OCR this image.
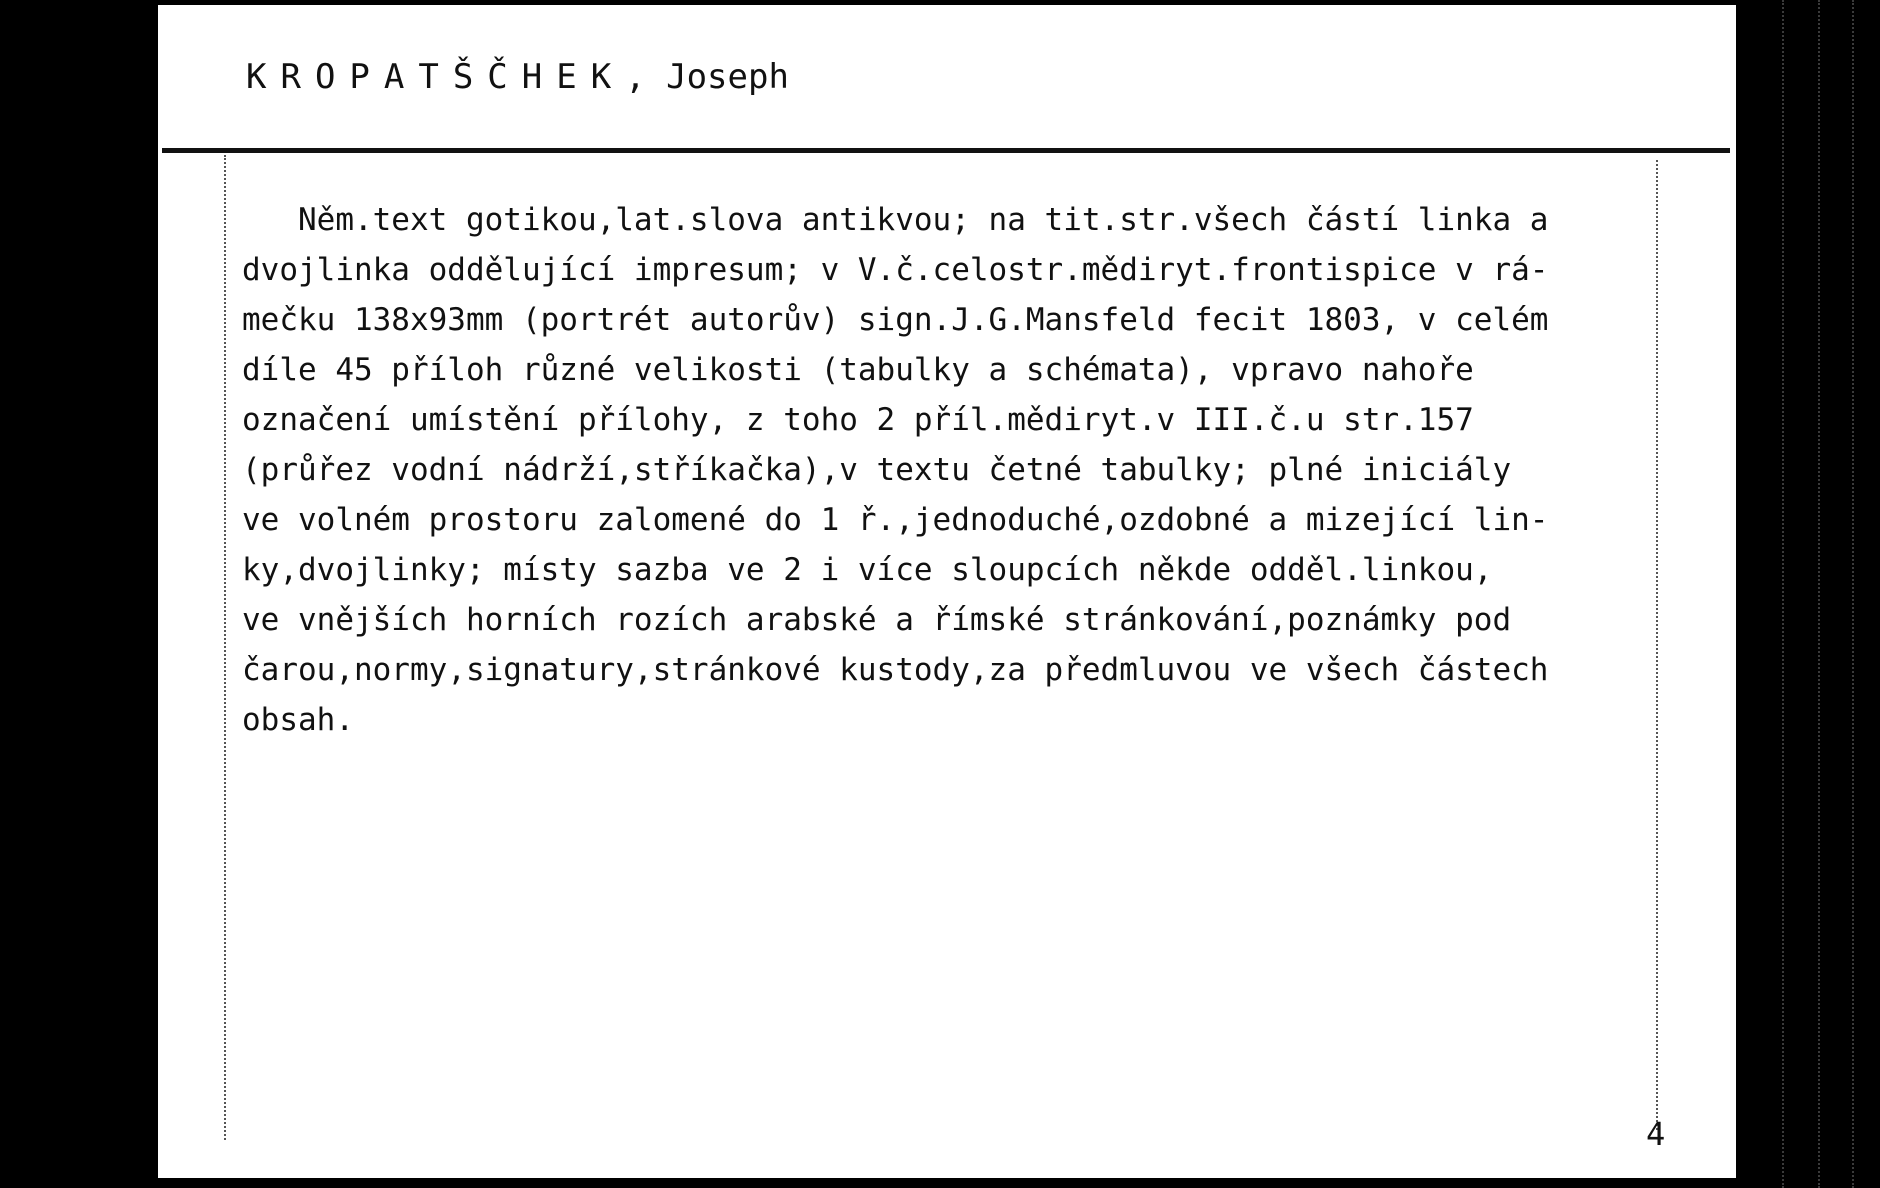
KROPATŠČHEK, Joseph
Něm.text gotikou,lat.slova antikvou; na tit.str.všech částí linka a
dvojlinka oddělující impresum; v V.č.celostr.mědiryt.frontispice v rá-
mečku 138x93mm (portrét autorův) sign.J.G.Mansfeld fecit 1803, v celém
díle 45 příloh různé velikosti (tabulky a schémata), vpravo nahoře
označení umístění přílohy, z toho 2 příl.mědiryt.v III.č.u str.157
(průřez vodní nádrží,stříkačka),v textu četné tabulky; plné iniciály
ve volném prostoru zalomené do 1 ř.,jednoduché,ozdobné a mizející lin-
ky,dvojlinky; místy sazba ve 2 i více sloupcích někde odděl.linkou,
ve vnějších horních rozích arabské a římské stránkování,poznámky pod
čarou,normy,signatury,stránkové kustody,za předmluvou ve všech částech
obsah.
4
